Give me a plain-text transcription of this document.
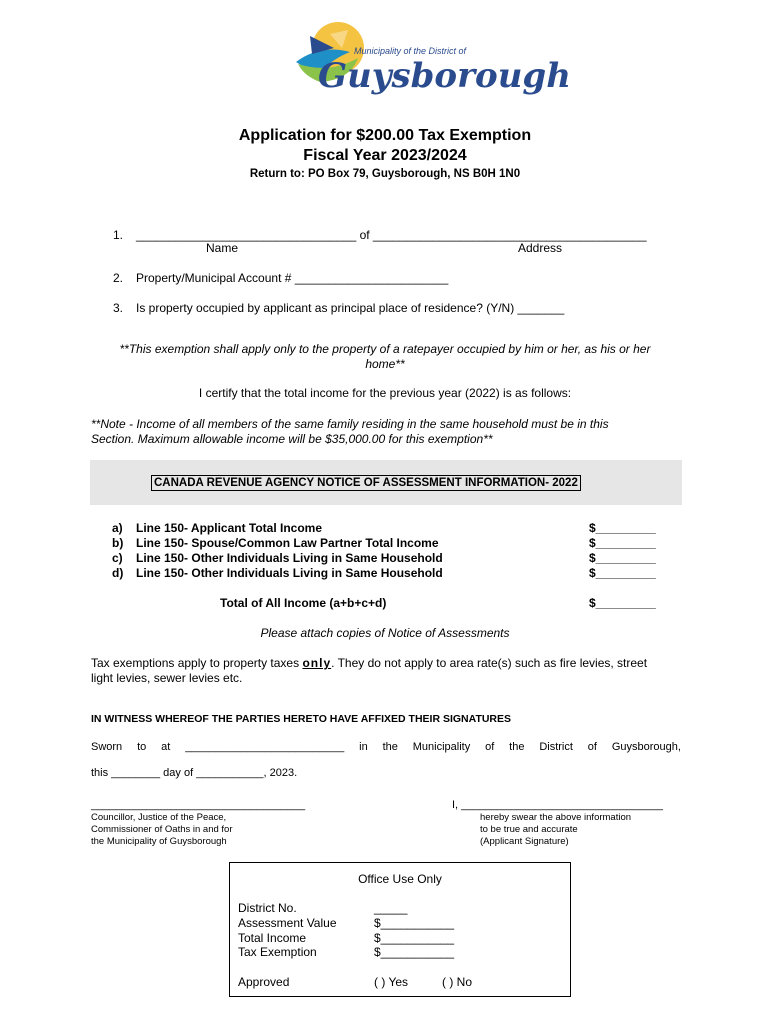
Municipality of the District of
Guysborough
Application for $200.00 Tax Exemption
Fiscal Year 2023/2024
Return to: PO Box 79, Guysborough, NS B0H 1N0
1. _________________________________ of _________________________________________
Name	Address
2. Property/Municipal Account # _______________________
3. Is property occupied by applicant as principal place of residence? (Y/N) _______
**This exemption shall apply only to the property of a ratepayer occupied by him or her, as his or her
home**
I certify that the total income for the previous year (2022) is as follows:
**Note - Income of all members of the same family residing in the same household must be in this
Section. Maximum allowable income will be $35,000.00 for this exemption**
CANADA REVENUE AGENCY NOTICE OF ASSESSMENT INFORMATION- 2022
a) Line 150- Applicant Total Income	$_________
b) Line 150- Spouse/Common Law Partner Total Income	$_________
c) Line 150- Other Individuals Living in Same Household	$_________
d) Line 150- Other Individuals Living in Same Household	$_________
Total of All Income (a+b+c+d)	$_________
Please attach copies of Notice of Assessments
Tax exemptions apply to property taxes only. They do not apply to area rate(s) such as fire levies, street
light levies, sewer levies etc.
IN WITNESS WHEREOF THE PARTIES HERETO HAVE AFFIXED THEIR SIGNATURES
Sworn to at __________________________ in the Municipality of the District of Guysborough,
this ________ day of ___________, 2023.
___________________________________
Councillor, Justice of the Peace,
Commissioner of Oaths in and for
the Municipality of Guysborough
I, _________________________________
hereby swear the above information
to be true and accurate
(Applicant Signature)
Office Use Only
District No.	_____
Assessment Value	$___________
Total Income	$___________
Tax Exemption	$___________
Approved	( ) Yes	( ) No
